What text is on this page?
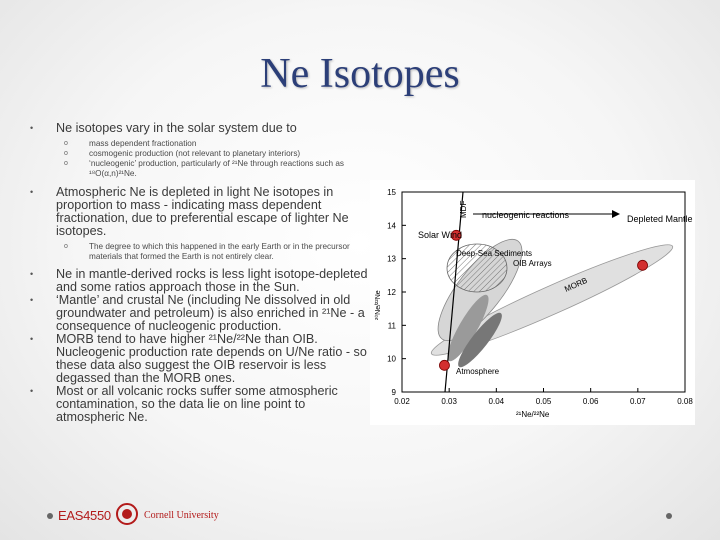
Ne Isotopes
• Ne isotopes vary in the solar system due to
o	mass dependent fractionation
o	cosmogenic production (not relevant to planetary interiors)
o	‘nucleogenic’ production, particularly of ²¹Ne through reactions such as ¹⁸O(α,n)²¹Ne.
• Atmospheric Ne is depleted in light Ne isotopes in proportion to mass - indicating mass dependent fractionation, due to preferential escape of lighter Ne isotopes.
o	The degree to which this happened in the early Earth or in the precursor materials that formed the Earth is not entirely clear.
• Ne in mantle-derived rocks is less light isotope-depleted and some ratios approach those in the Sun.
• ‘Mantle’ and crustal Ne (including Ne dissolved in old groundwater and petroleum) is also enriched in ²¹Ne - a consequence of nucleogenic production.
• MORB tend to have higher ²¹Ne/²²Ne than OIB. Nucleogenic production rate depends on U/Ne ratio - so these data also suggest the OIB reservoir is less degassed than the MORB ones.
• Most or all volcanic rocks suffer some atmospheric contamination, so the data lie on line point to atmospheric Ne.
MDF nucleogenic reactions
Solar Wind
Depleted Mantle
Deep-Sea Sediments
OIB Arrays
MORB
Atmosphere
0.02	0.03	0.04	0.05	0.06	0.07	0.08
9
10
11
12
13
14
15
²¹Ne/²²Ne
²⁰Ne/²²Ne
EAS4550	Cornell University
